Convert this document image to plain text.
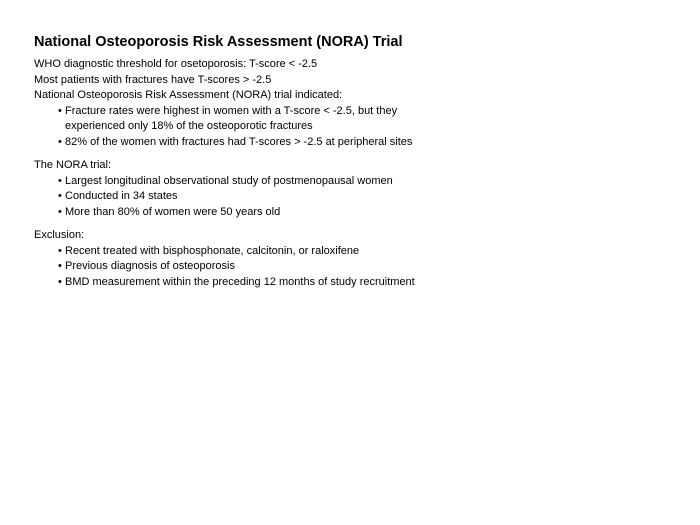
National Osteoporosis Risk Assessment (NORA) Trial

WHO diagnostic threshold for osetoporosis: T-score < -2.5

Most patients with fractures have T-scores > -2.5

National Osteoporosis Risk Assessment (NORA) trial indicated:

• Fracture rates were highest in women with a T-score < -2.5, but they experienced only 18% of the osteoporotic fractures
• 82% of the women with fractures had T-scores > -2.5 at peripheral sites

The NORA trial:

• Largest longitudinal observational study of postmenopausal women
• Conducted in 34 states
• More than 80% of women were 50 years old

Exclusion:

• Recent treated with bisphosphonate, calcitonin, or raloxifene
• Previous diagnosis of osteoporosis
• BMD measurement within the preceding 12 months of study recruitment
